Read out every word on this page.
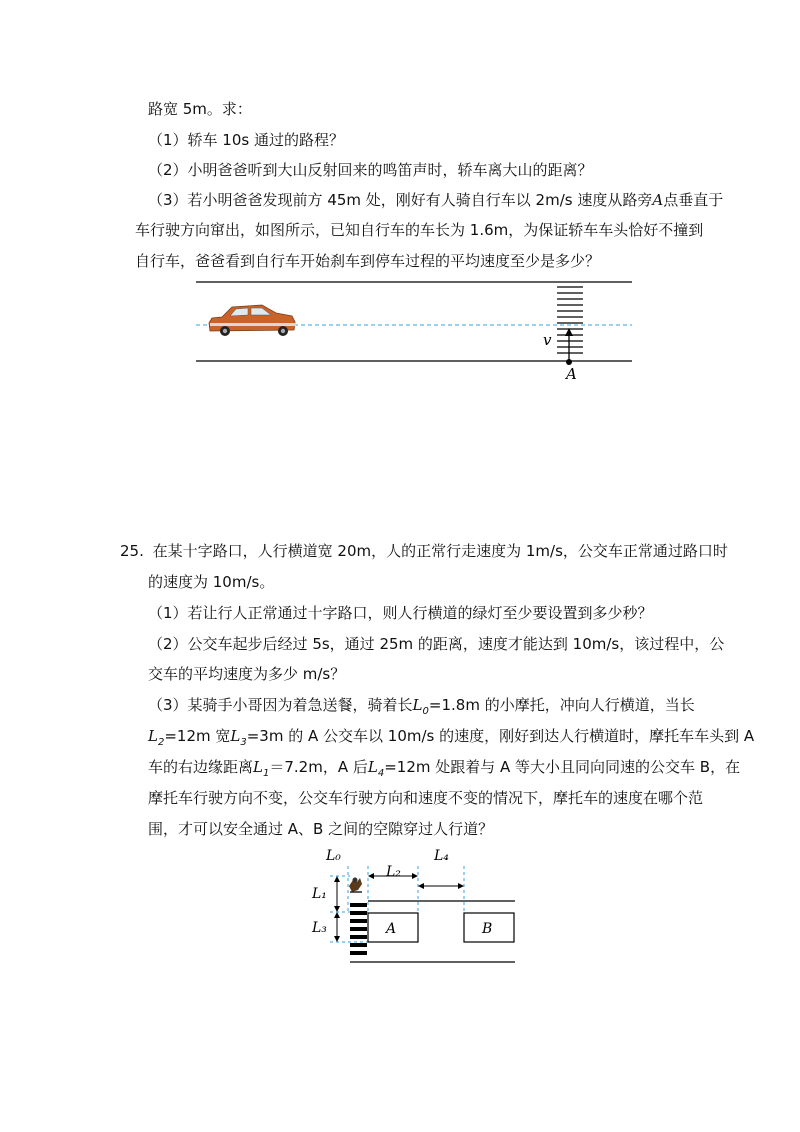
路宽 5m。求：
（1）轿车 10s 通过的路程？
（2）小明爸爸听到大山反射回来的鸣笛声时，轿车离大山的距离？
（3）若小明爸爸发现前方 45m 处，刚好有人骑自行车以 2m/s 速度从路旁A点垂直于
车行驶方向窜出，如图所示，已知自行车的车长为 1.6m，为保证轿车车头恰好不撞到
自行车，爸爸看到自行车开始刹车到停车过程的平均速度至少是多少？
v
A
25. 在某十字路口，人行横道宽 20m，人的正常行走速度为 1m/s，公交车正常通过路口时
的速度为 10m/s。
（1）若让行人正常通过十字路口，则人行横道的绿灯至少要设置到多少秒？
（2）公交车起步后经过 5s，通过 25m 的距离，速度才能达到 10m/s，该过程中，公
交车的平均速度为多少 m/s？
（3）某骑手小哥因为着急送餐，骑着长$L_0=1.8m$ 的小摩托，冲向人行横道，当长
$L_2=12m$ 宽$L_3=3m$ 的 A 公交车以 10m/s 的速度，刚好到达人行横道时，摩托车车头到 A
车的右边缘距离$L_1=7.2m$，A 后$L_4=12m$ 处跟着与 A 等大小且同向同速的公交车 B，在
摩托车行驶方向不变，公交车行驶方向和速度不变的情况下，摩托车的速度在哪个范
围，才可以安全通过 A、B 之间的空隙穿过人行道？
L₀
L₂
L₄
L₁
L₃	A	B
